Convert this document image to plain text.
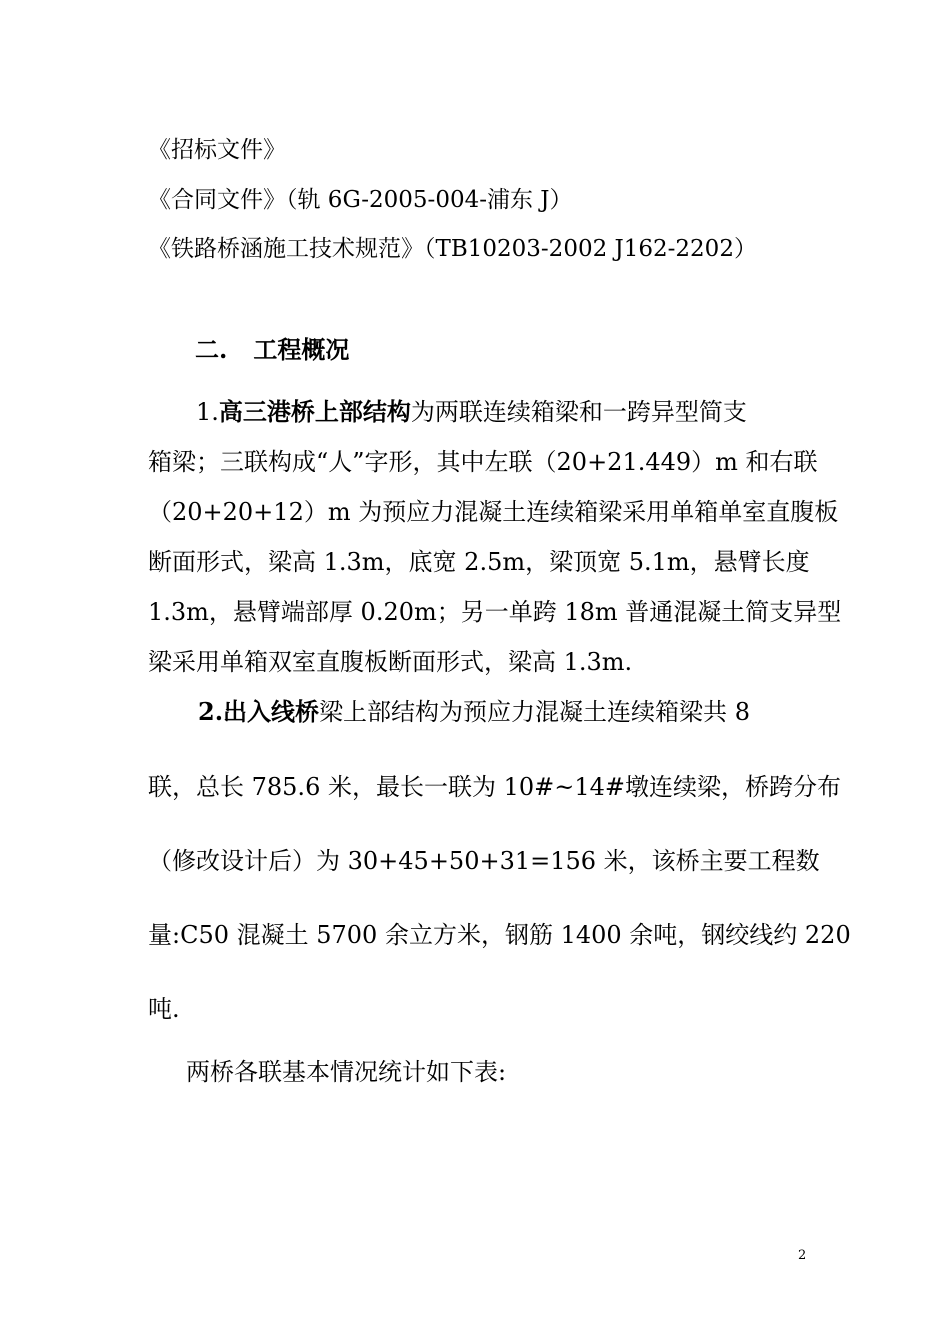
《招标文件》
《合同文件》（轨 6G-2005-004-浦东 J）
《铁路桥涵施工技术规范》（TB10203-2002 J162-2202）
二. 工程概况
1.高三港桥上部结构为两联连续箱梁和一跨异型简支
箱梁；三联构成“人”字形，其中左联（20+21.449）m 和右联
（20+20+12）m 为预应力混凝土连续箱梁采用单箱单室直腹板
断面形式，梁高 1.3m，底宽 2.5m，梁顶宽 5.1m，悬臂长度
1.3m，悬臂端部厚 0.20m；另一单跨 18m 普通混凝土简支异型
梁采用单箱双室直腹板断面形式，梁高 1.3m.
2.出入线桥梁上部结构为预应力混凝土连续箱梁共 8
联，总长 785.6 米，最长一联为 10#~14#墩连续梁，桥跨分布
（修改设计后）为 30+45+50+31=156 米，该桥主要工程数
量:C50 混凝土 5700 余立方米，钢筋 1400 余吨，钢绞线约 220
吨.
两桥各联基本情况统计如下表:
2
